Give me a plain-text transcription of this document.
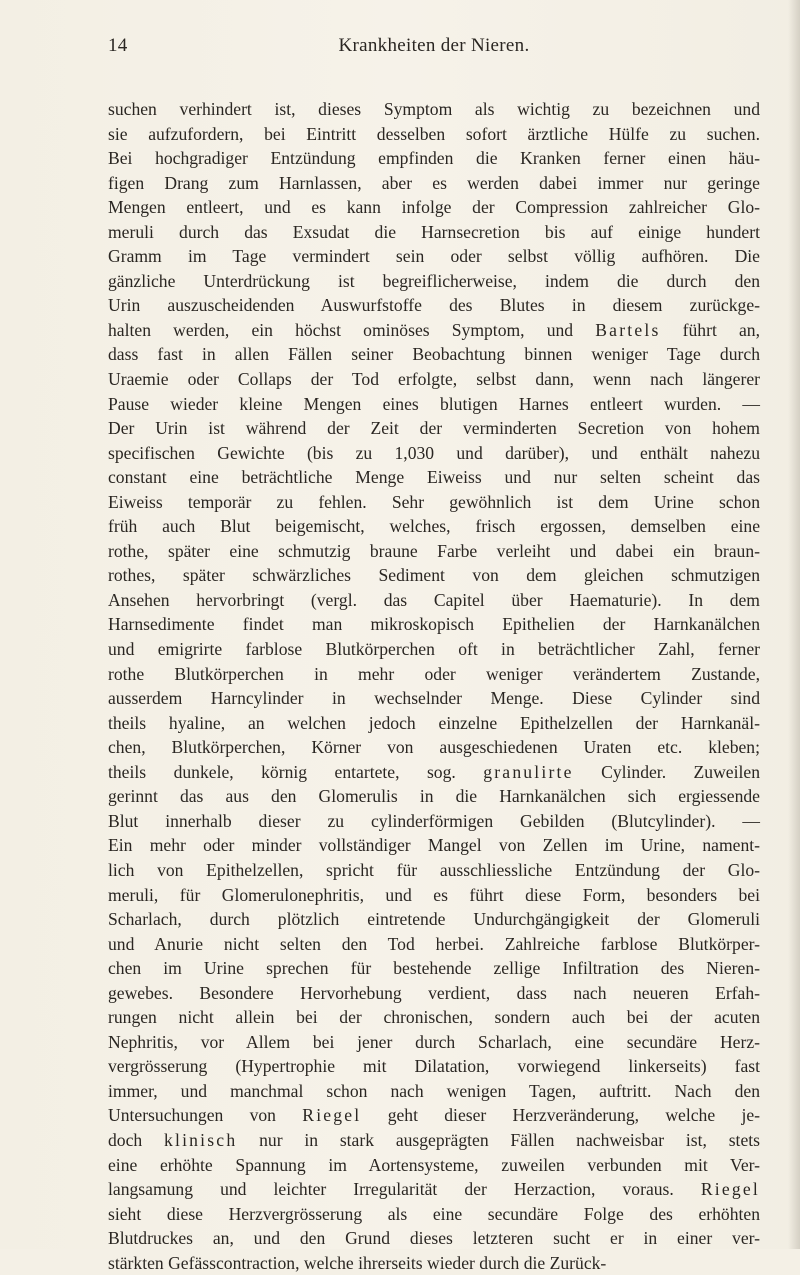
14	Krankheiten der Nieren.
suchen verhindert ist, dieses Symptom als wichtig zu bezeichnen und
sie aufzufordern, bei Eintritt desselben sofort ärztliche Hülfe zu suchen.
Bei hochgradiger Entzündung empfinden die Kranken ferner einen häu-
figen Drang zum Harnlassen, aber es werden dabei immer nur geringe
Mengen entleert, und es kann infolge der Compression zahlreicher Glo-
meruli durch das Exsudat die Harnsecretion bis auf einige hundert
Gramm im Tage vermindert sein oder selbst völlig aufhören. Die
gänzliche Unterdrückung ist begreiflicherweise, indem die durch den
Urin auszuscheidenden Auswurfstoffe des Blutes in diesem zurückge-
halten werden, ein höchst ominöses Symptom, und Bartels führt an,
dass fast in allen Fällen seiner Beobachtung binnen weniger Tage durch
Uraemie oder Collaps der Tod erfolgte, selbst dann, wenn nach längerer
Pause wieder kleine Mengen eines blutigen Harnes entleert wurden. —
Der Urin ist während der Zeit der verminderten Secretion von hohem
specifischen Gewichte (bis zu 1,030 und darüber), und enthält nahezu
constant eine beträchtliche Menge Eiweiss und nur selten scheint das
Eiweiss temporär zu fehlen. Sehr gewöhnlich ist dem Urine schon
früh auch Blut beigemischt, welches, frisch ergossen, demselben eine
rothe, später eine schmutzig braune Farbe verleiht und dabei ein braun-
rothes, später schwärzliches Sediment von dem gleichen schmutzigen
Ansehen hervorbringt (vergl. das Capitel über Haematurie). In dem
Harnsedimente findet man mikroskopisch Epithelien der Harnkanälchen
und emigrirte farblose Blutkörperchen oft in beträchtlicher Zahl, ferner
rothe Blutkörperchen in mehr oder weniger verändertem Zustande,
ausserdem Harncylinder in wechselnder Menge. Diese Cylinder sind
theils hyaline, an welchen jedoch einzelne Epithelzellen der Harnkanäl-
chen, Blutkörperchen, Körner von ausgeschiedenen Uraten etc. kleben;
theils dunkele, körnig entartete, sog. granulirte Cylinder. Zuweilen
gerinnt das aus den Glomerulis in die Harnkanälchen sich ergiessende
Blut innerhalb dieser zu cylinderförmigen Gebilden (Blutcylinder). —
Ein mehr oder minder vollständiger Mangel von Zellen im Urine, nament-
lich von Epithelzellen, spricht für ausschliessliche Entzündung der Glo-
meruli, für Glomerulonephritis, und es führt diese Form, besonders bei
Scharlach, durch plötzlich eintretende Undurchgängigkeit der Glomeruli
und Anurie nicht selten den Tod herbei. Zahlreiche farblose Blutkörper-
chen im Urine sprechen für bestehende zellige Infiltration des Nieren-
gewebes. Besondere Hervorhebung verdient, dass nach neueren Erfah-
rungen nicht allein bei der chronischen, sondern auch bei der acuten
Nephritis, vor Allem bei jener durch Scharlach, eine secundäre Herz-
vergrösserung (Hypertrophie mit Dilatation, vorwiegend linkerseits) fast
immer, und manchmal schon nach wenigen Tagen, auftritt. Nach den
Untersuchungen von Riegel geht dieser Herzveränderung, welche je-
doch klinisch nur in stark ausgeprägten Fällen nachweisbar ist, stets
eine erhöhte Spannung im Aortensysteme, zuweilen verbunden mit Ver-
langsamung und leichter Irregularität der Herzaction, voraus. Riegel
sieht diese Herzvergrösserung als eine secundäre Folge des erhöhten
Blutdruckes an, und den Grund dieses letzteren sucht er in einer ver-
stärkten Gefässcontraction, welche ihrerseits wieder durch die Zurück-
